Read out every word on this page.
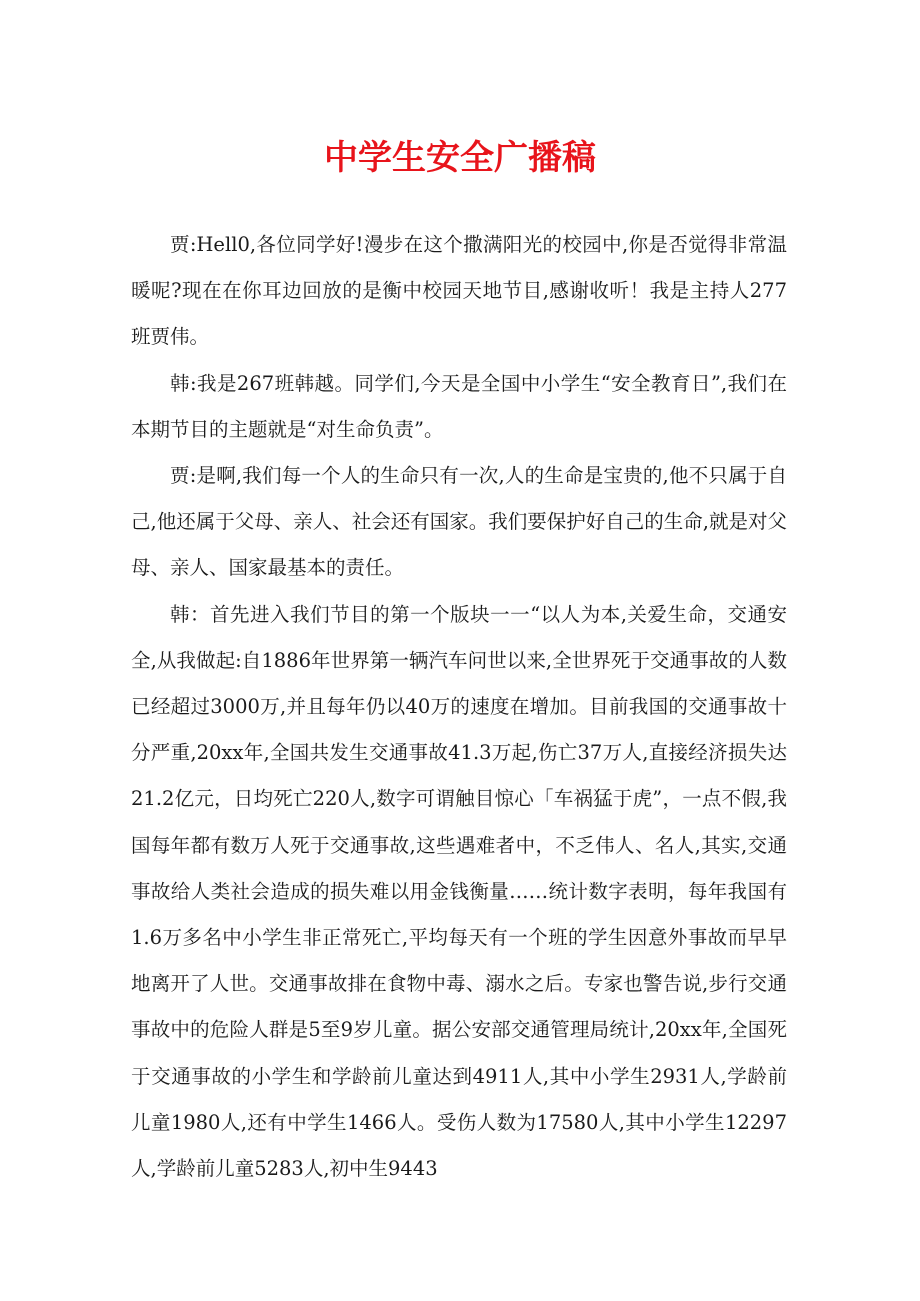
中学生安全广播稿

贾:Hell0,各位同学好!漫步在这个撒满阳光的校园中,你是否觉得非常温暖呢?现在在你耳边回放的是衡中校园天地节目,感谢收听！我是主持人277班贾伟。

韩:我是267班韩越。同学们,今天是全国中小学生“安全教育日”,我们在本期节目的主题就是“对生命负责”。

贾:是啊,我们每一个人的生命只有一次,人的生命是宝贵的,他不只属于自己,他还属于父母、亲人、社会还有国家。我们要保护好自己的生命,就是对父母、亲人、国家最基本的责任。

韩：首先进入我们节目的第一个版块一一“以人为本,关爱生命，交通安全,从我做起:自1886年世界第一辆汽车问世以来,全世界死于交通事故的人数已经超过3000万,并且每年仍以40万的速度在增加。目前我国的交通事故十分严重,20xx年,全国共发生交通事故41.3万起,伤亡37万人,直接经济损失达21.2亿元，日均死亡220人,数字可谓触目惊心「车祸猛于虎”，一点不假,我国每年都有数万人死于交通事故,这些遇难者中，不乏伟人、名人,其实,交通事故给人类社会造成的损失难以用金钱衡量……统计数字表明，每年我国有1.6万多名中小学生非正常死亡,平均每天有一个班的学生因意外事故而早早地离开了人世。交通事故排在食物中毒、溺水之后。专家也警告说,步行交通事故中的危险人群是5至9岁儿童。据公安部交通管理局统计,20xx年,全国死于交通事故的小学生和学龄前儿童达到4911人,其中小学生2931人,学龄前儿童1980人,还有中学生1466人。受伤人数为17580人,其中小学生12297人,学龄前儿童5283人,初中生9443
